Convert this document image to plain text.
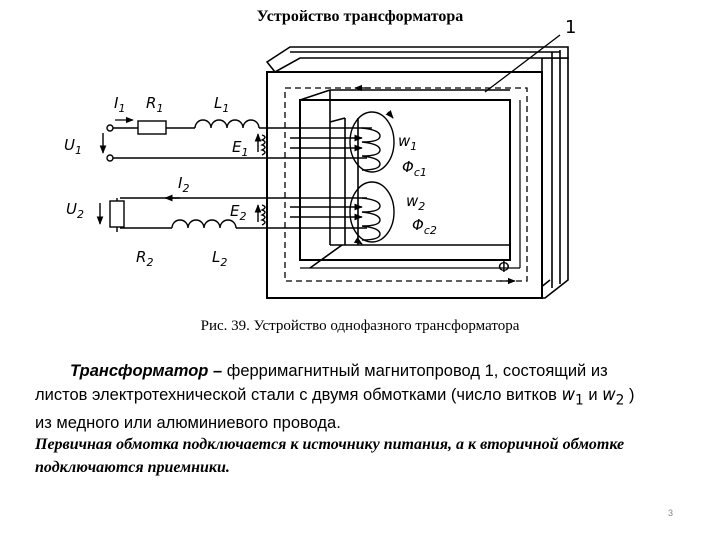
Устройство трансформатора
1
$I_1$ $R_1$	$L_1$
$U_1$	$E_1$
$I_2$
$U_2$	$E_2$
$R_2$	$L_2$
$w_1$
$\Phi_{c1}$
$w_2$
$\Phi_{c2}$
Φ
Рис. 39. Устройство однофазного трансформатора
Трансформатор – ферримагнитный магнитопровод 1, состоящий из
листов электротехнической стали с двумя обмотками (число витков $w_1$ и $w_2$ )
из медного или алюминиевого провода.
Первичная обмотка подключается к источнику питания, а к вторичной обмотке подключаются приемники.
3
